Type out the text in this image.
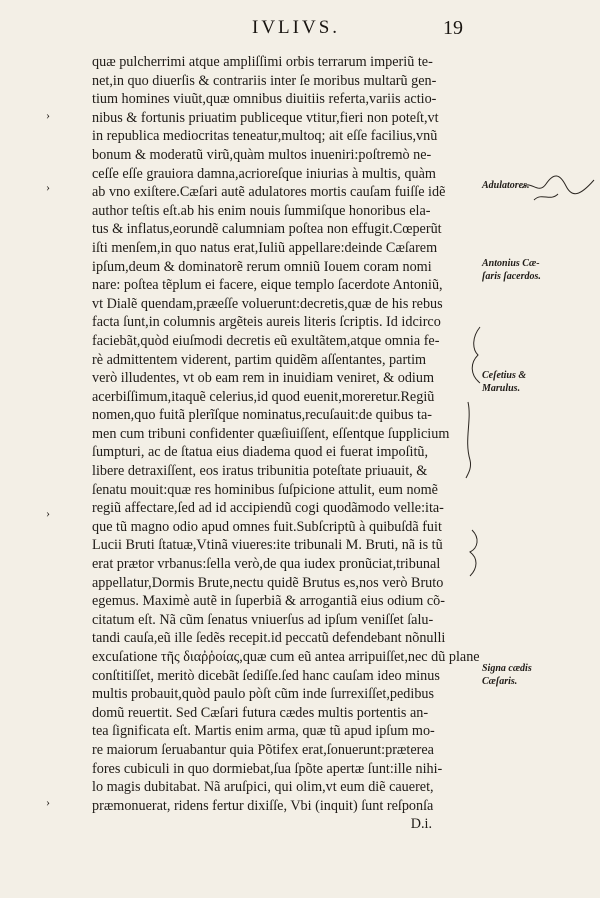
IVLIVS.	19
quæ pulcherrimi atque ampliſſimi orbis terrarum imperiũ te-
net,in quo diuerſis & contrariis inter ſe moribus multarũ gen-
tium homines viuũt,quæ omnibus diuitiis referta,variis actio-
nibus & fortunis priuatim publiceque vtitur,fieri non poteſt,vt
in republica mediocritas teneatur,multoq; ait eſſe facilius,vnũ
bonum & moderatũ virũ,quàm multos inueniri:poſtremò ne-
ceſſe eſſe grauiora damna,acrioreſque iniurias à multis, quàm
ab vno exiſtere.Cæſari autẽ adulatores mortis cauſam fuiſſe idẽ
author teſtis eſt.ab his enim nouis ſummiſque honoribus ela-
tus & inflatus,eorundẽ calumniam poſtea non effugit.Cœperũt
iſti menſem,in quo natus erat,Iuliũ appellare:deinde Cæſarem
ipſum,deum & dominatorẽ rerum omniũ Iouem coram nomi
nare: poſtea tẽplum ei facere, eique templo ſacerdote Antoniũ,
vt Dialẽ quendam,præeſſe voluerunt:decretis,quæ de his rebus
facta ſunt,in columnis argẽteis aureis literis ſcriptis. Id idcirco
faciebãt,quòd eiuſmodi decretis eũ exultãtem,atque omnia fe-
rè admittentem viderent, partim quidẽm aſſentantes, partim
verò illudentes, vt ob eam rem in inuidiam veniret, & odium
acerbiſſimum,itaquẽ celerius,id quod euenit,moreretur.Regiũ
nomen,quo fuitã plerĩſque nominatus,recuſauit:de quibus ta-
men cum tribuni confidenter quæſiuiſſent, eſſentque ſupplicium
ſumpturi, ac de ſtatua eius diadema quod ei fuerat impoſitũ,
libere detraxiſſent, eos iratus tribunitia poteſtate priuauit, &
ſenatu mouit:quæ res hominibus ſuſpicione attulit, eum nomẽ
regiũ affectare,ſed ad id accipiendũ cogi quodãmodo velle:ita-
que tũ magno odio apud omnes fuit.Subſcriptũ à quibuſdã fuit
Lucii Bruti ſtatuæ,Vtinã viueres:ite tribunali M. Bruti, nã is tũ
erat prætor vrbanus:ſella verò,de qua iudex pronũciat,tribunal
appellatur,Dormis Brute,nectu quidẽ Brutus es,nos verò Bruto
egemus. Maximè autẽ in ſuperbiã & arrogantiã eius odium cõ-
citatum eſt. Nã cũm ſenatus vniuerſus ad ipſum veniſſet ſalu-
tandi cauſa,eũ ille ſedẽs recepit.id peccatũ defendebant nõnulli
excuſatione τῆς διαῤῥοίας,quæ cum eũ antea arripuiſſet,nec dũ plane
conſtitiſſet, meritò dicebãt ſediſſe.ſed hanc cauſam ideo minus
multis probauit,quòd paulo pòſt cũm inde ſurrexiſſet,pedibus
domũ reuertit. Sed Cæſari futura cædes multis portentis an-
tea ſignificata eſt. Martis enim arma, quæ tũ apud ipſum mo-
re maiorum ſeruabantur quia Põtifex erat,ſonuerunt:præterea
fores cubiculi in quo dormiebat,ſua ſpõte apertæ ſunt:ille nihi-
lo magis dubitabat. Nã aruſpici, qui olim,vt eum diẽ caueret,
præmonuerat, ridens fertur dixiſſe, Vbi (inquit) ſunt reſponſa
D.i.
Adulatores.
Antonius Cæ-
ſaris ſacerdos.
Ceſetius &
Marulus.
Signa cædis
Cæſaris.
›
›
›
›
